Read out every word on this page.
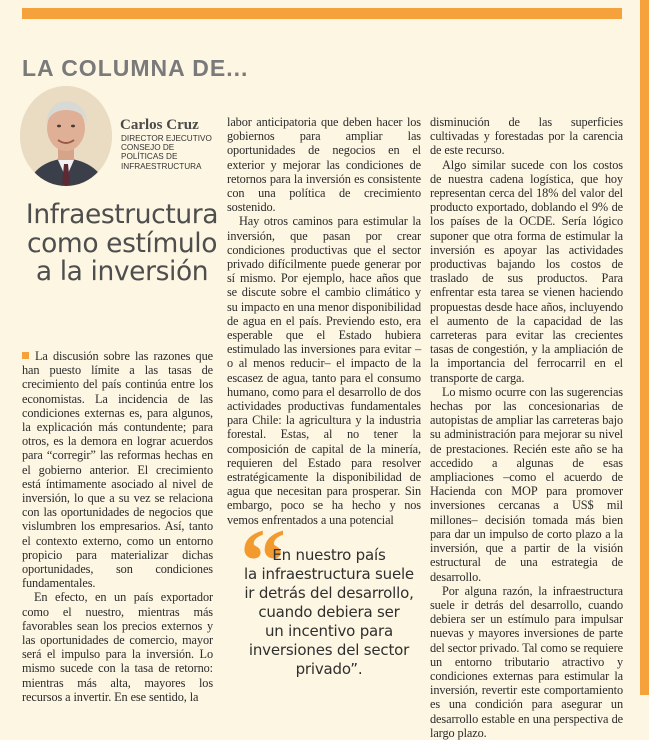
LA COLUMNA DE...
Carlos Cruz
DIRECTOR EJECUTIVO
CONSEJO DE
POLÍTICAS DE
INFRAESTRUCTURA
Infraestructura
como estímulo
a la inversión

La discusión sobre las razones que han puesto límite a las tasas de crecimiento del país continúa entre los economistas. La incidencia de las condiciones externas es, para algunos, la explicación más contundente; para otros, es la demora en lograr acuerdos para “corregir” las reformas hechas en el gobierno anterior. El crecimiento está íntimamente asociado al nivel de inversión, lo que a su vez se relaciona con las oportunidades de negocios que vislumbren los empresarios. Así, tanto el contexto externo, como un entorno propicio para materializar dichas oportunidades, son condiciones fundamentales.

En efecto, en un país exportador como el nuestro, mientras más favorables sean los precios externos y las oportunidades de comercio, mayor será el impulso para la inversión. Lo mismo sucede con la tasa de retorno: mientras más alta, mayores los recursos a invertir. En ese sentido, la

labor anticipatoria que deben hacer los gobiernos para ampliar las oportunidades de negocios en el exterior y mejorar las condiciones de retornos para la inversión es consistente con una política de crecimiento sostenido.

Hay otros caminos para estimular la inversión, que pasan por crear condiciones productivas que el sector privado difícilmente puede generar por sí mismo. Por ejemplo, hace años que se discute sobre el cambio climático y su impacto en una menor disponibilidad de agua en el país. Previendo esto, era esperable que el Estado hubiera estimulado las inversiones para evitar –o al menos reducir– el impacto de la escasez de agua, tanto para el consumo humano, como para el desarrollo de dos actividades productivas fundamentales para Chile: la agricultura y la industria forestal. Estas, al no tener la composición de capital de la minería, requieren del Estado para resolver estratégicamente la disponibilidad de agua que necesitan para prosperar. Sin embargo, poco se ha hecho y nos vemos enfrentados a una potencial

disminución de las superficies cultivadas y forestadas por la carencia de este recurso.

Algo similar sucede con los costos de nuestra cadena logística, que hoy representan cerca del 18% del valor del producto exportado, doblando el 9% de los países de la OCDE. Sería lógico suponer que otra forma de estimular la inversión es apoyar las actividades productivas bajando los costos de traslado de sus productos. Para enfrentar esta tarea se vienen haciendo propuestas desde hace años, incluyendo el aumento de la capacidad de las carreteras para evitar las crecientes tasas de congestión, y la ampliación de la importancia del ferrocarril en el transporte de carga.

Lo mismo ocurre con las sugerencias hechas por las concesionarias de autopistas de ampliar las carreteras bajo su administración para mejorar su nivel de prestaciones. Recién este año se ha accedido a algunas de esas ampliaciones –como el acuerdo de Hacienda con MOP para promover inversiones cercanas a US$ mil millones– decisión tomada más bien para dar un impulso de corto plazo a la inversión, que a partir de la visión estructural de una estrategia de desarrollo.

Por alguna razón, la infraestructura suele ir detrás del desarrollo, cuando debiera ser un estímulo para impulsar nuevas y mayores inversiones de parte del sector privado. Tal como se requiere un entorno tributario atractivo y condiciones externas para estimular la inversión, revertir este comportamiento es una condición para asegurar un desarrollo estable en una perspectiva de largo plazo.

“
En nuestro país
la infraestructura suele
ir detrás del desarrollo,
cuando debiera ser
un incentivo para
inversiones del sector
privado”.
